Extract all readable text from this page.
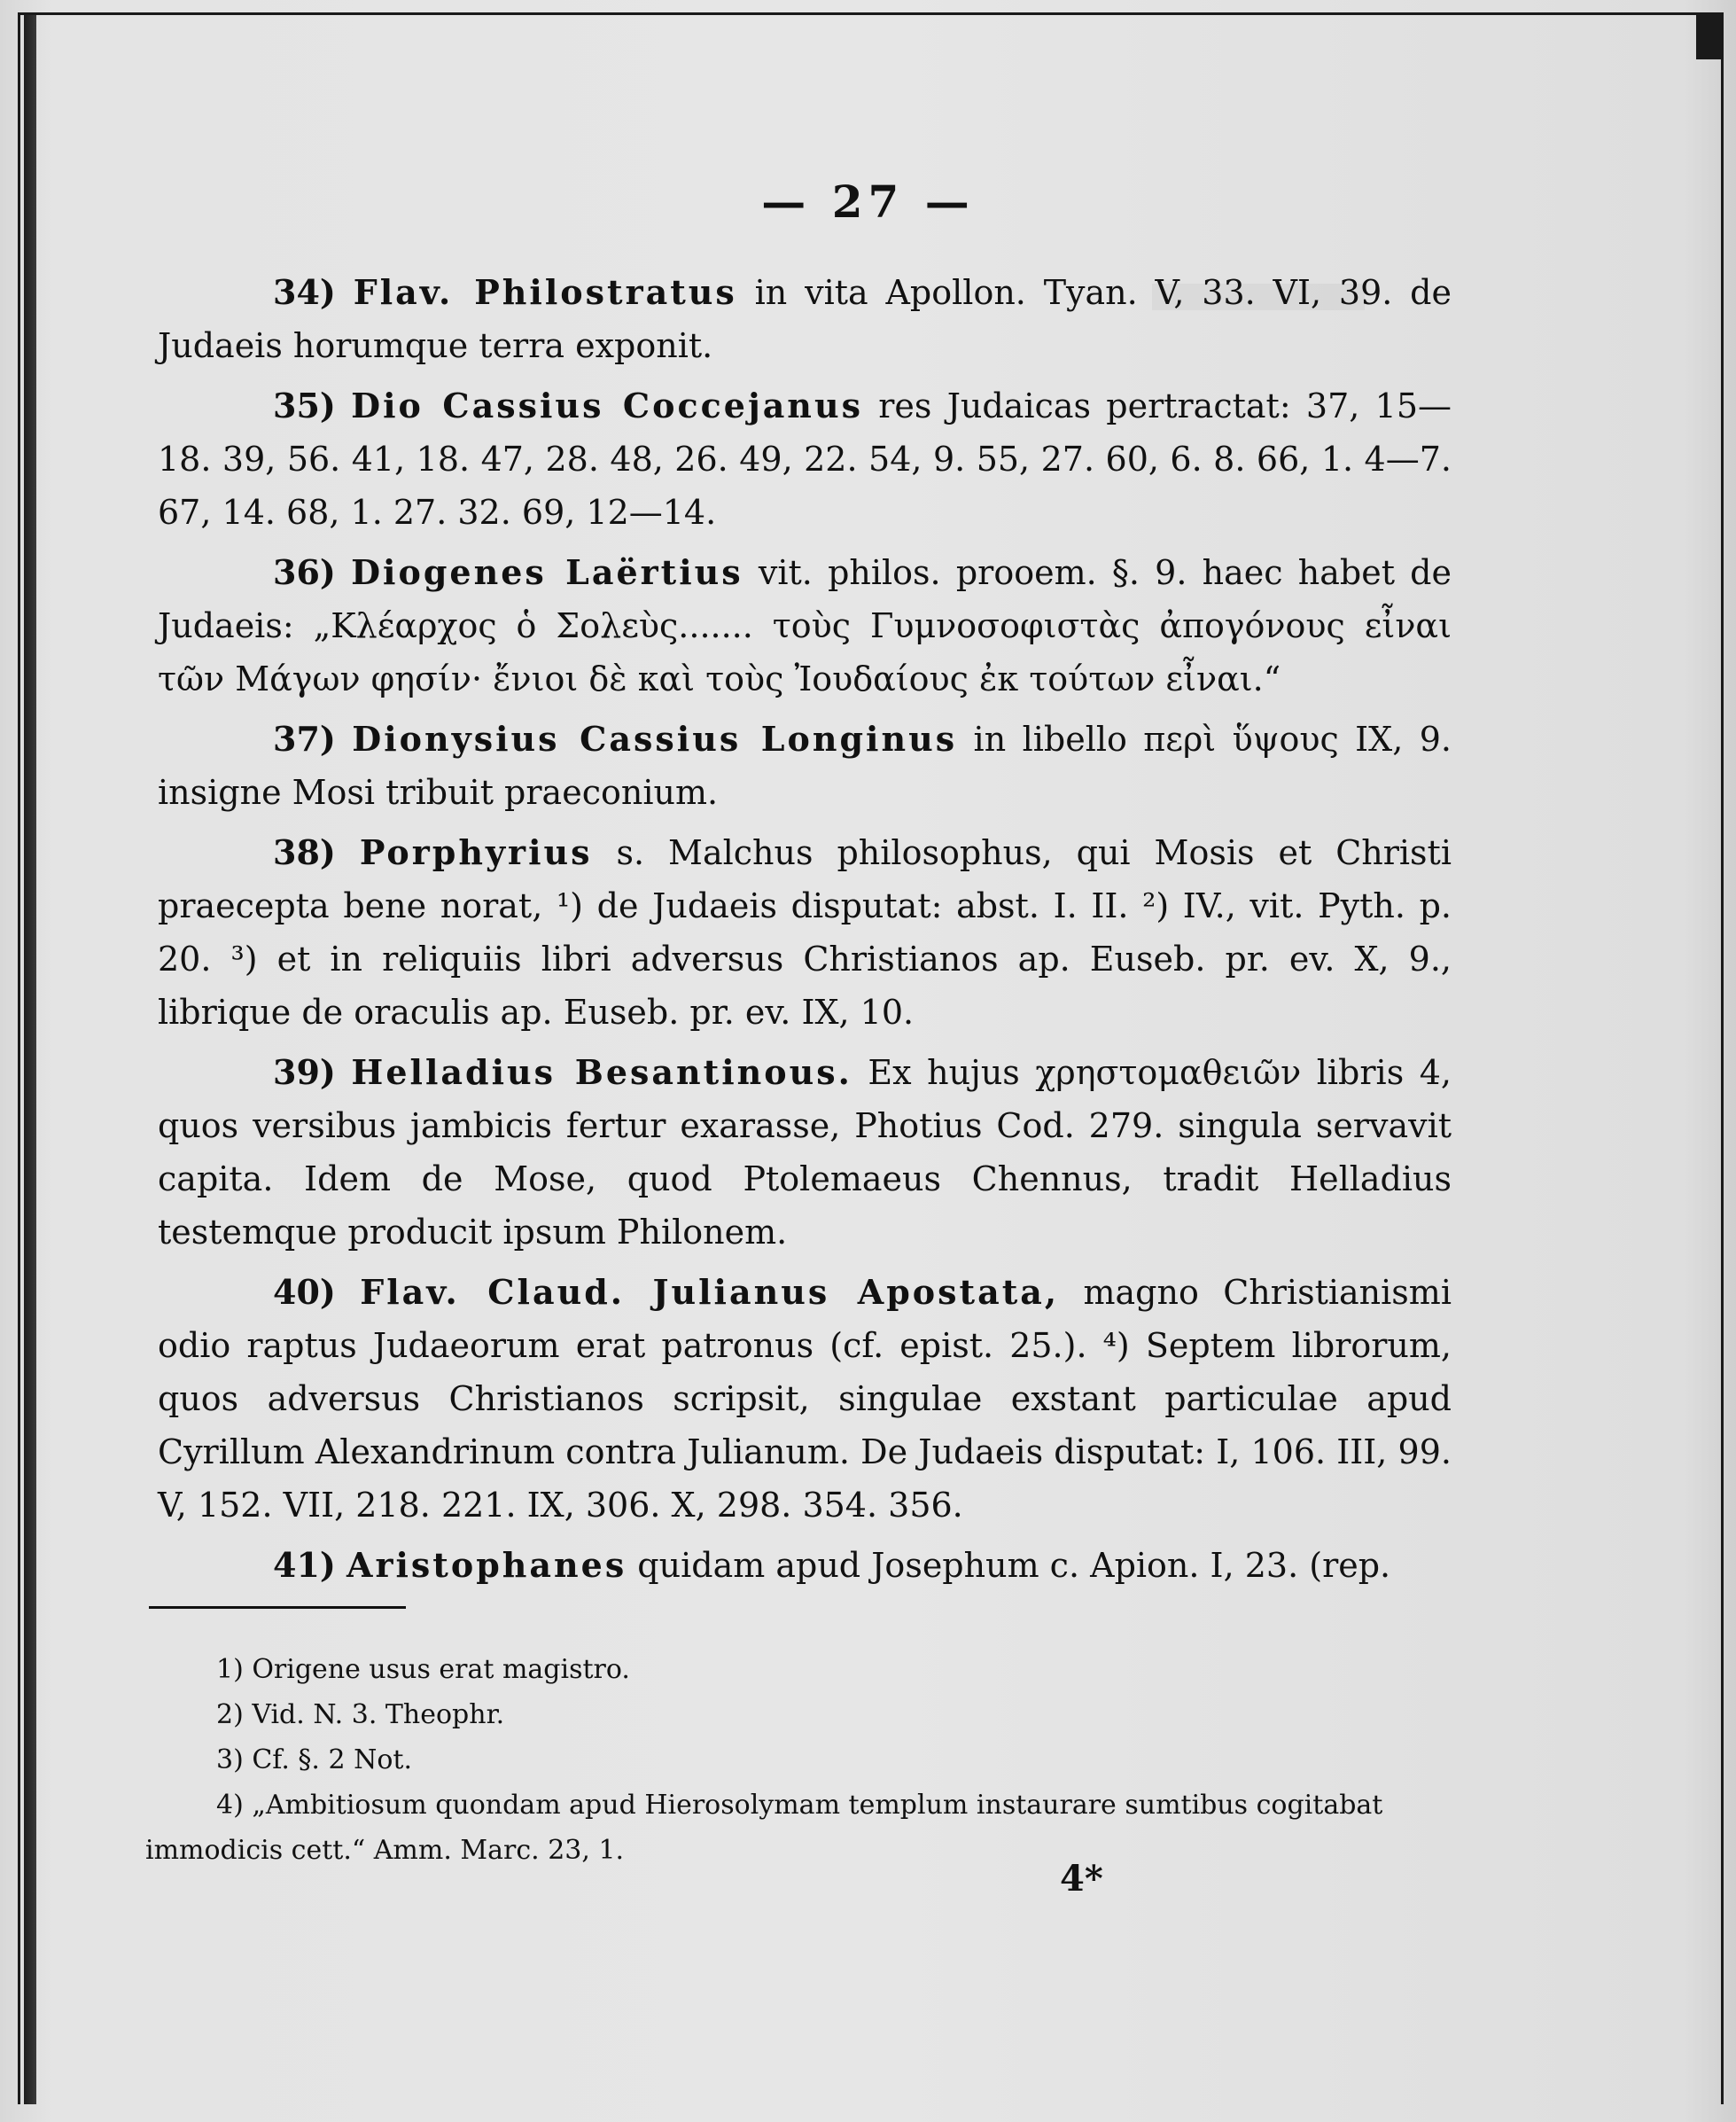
— 27 —

34) Flav. Philostratus in vita Apollon. Tyan. V, 33. VI, 39. de Judaeis horumque terra exponit.

35) Dio Cassius Coccejanus res Judaicas pertractat: 37, 15—18. 39, 56. 41, 18. 47, 28. 48, 26. 49, 22. 54, 9. 55, 27. 60, 6. 8. 66, 1. 4—7. 67, 14. 68, 1. 27. 32. 69, 12—14.

36) Diogenes Laërtius vit. philos. prooem. §. 9. haec habet de Judaeis: „Κλέαρχος ὁ Σολεὺς....... τοὺς Γυμνοσοφιστὰς ἀπογόνους εἶναι τῶν Μάγων φησίν· ἔνιοι δὲ καὶ τοὺς Ἰουδαίους ἐκ τούτων εἶναι.“

37) Dionysius Cassius Longinus in libello περὶ ὕψους IX, 9. insigne Mosi tribuit praeconium.

38) Porphyrius s. Malchus philosophus, qui Mosis et Christi praecepta bene norat, ¹) de Judaeis disputat: abst. I. II. ²) IV., vit. Pyth. p. 20. ³) et in reliquiis libri adversus Christianos ap. Euseb. pr. ev. X, 9., librique de oraculis ap. Euseb. pr. ev. IX, 10.

39) Helladius Besantinous. Ex hujus χρηστομαθειῶν libris 4, quos versibus jambicis fertur exarasse, Photius Cod. 279. singula servavit capita. Idem de Mose, quod Ptolemaeus Chennus, tradit Helladius testemque producit ipsum Philonem.

40) Flav. Claud. Julianus Apostata, magno Christianismi odio raptus Judaeorum erat patronus (cf. epist. 25.). ⁴) Septem librorum, quos adversus Christianos scripsit, singulae exstant particulae apud Cyrillum Alexandrinum contra Julianum. De Judaeis disputat: I, 106. III, 99. V, 152. VII, 218. 221. IX, 306. X, 298. 354. 356.

41) Aristophanes quidam apud Josephum c. Apion. I, 23. (rep.

1) Origene usus erat magistro.

2) Vid. N. 3. Theophr.

3) Cf. §. 2 Not.

4) „Ambitiosum quondam apud Hierosolymam templum instaurare sumtibus cogitabat

immodicis cett.“ Amm. Marc. 23, 1.

4*
